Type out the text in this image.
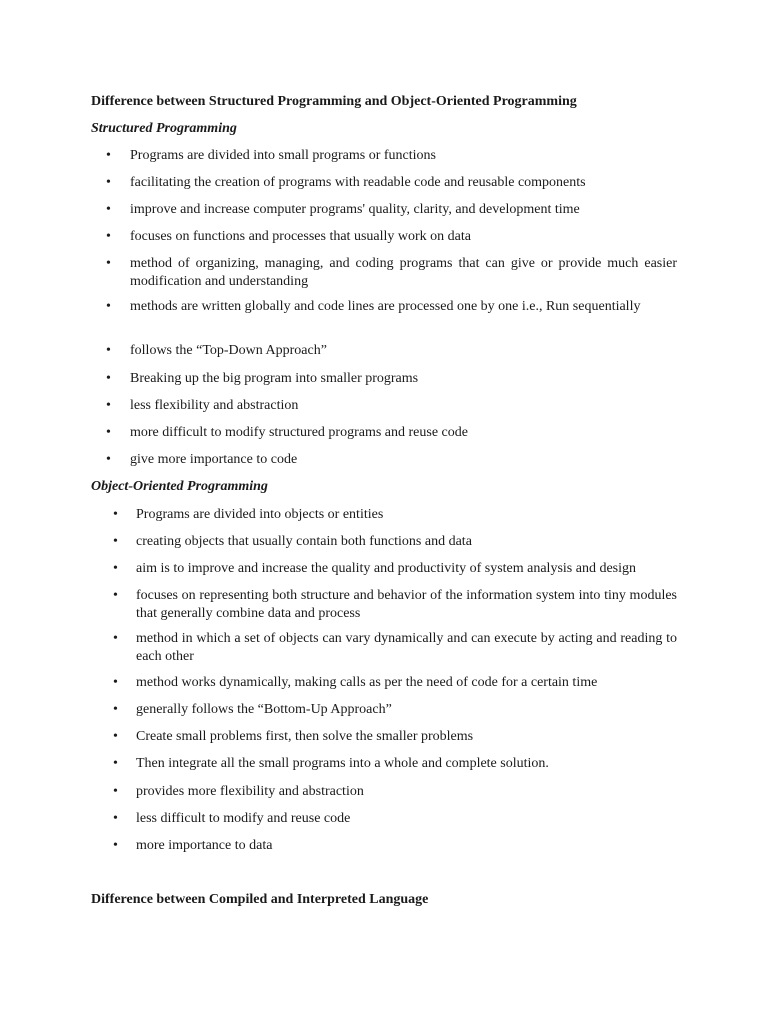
Difference between Structured Programming and Object-Oriented Programming
Structured Programming
• Programs are divided into small programs or functions
• facilitating the creation of programs with readable code and reusable components
• improve and increase computer programs' quality, clarity, and development time
• focuses on functions and processes that usually work on data
• method of organizing, managing, and coding programs that can give or provide much easier modification and understanding
• methods are written globally and code lines are processed one by one i.e., Run sequentially
• follows the “Top-Down Approach”
• Breaking up the big program into smaller programs
• less flexibility and abstraction
• more difficult to modify structured programs and reuse code
• give more importance to code
Object-Oriented Programming
• Programs are divided into objects or entities
• creating objects that usually contain both functions and data
• aim is to improve and increase the quality and productivity of system analysis and design
• focuses on representing both structure and behavior of the information system into tiny modules that generally combine data and process
• method in which a set of objects can vary dynamically and can execute by acting and reading to each other
• method works dynamically, making calls as per the need of code for a certain time
• generally follows the “Bottom-Up Approach”
• Create small problems first, then solve the smaller problems
• Then integrate all the small programs into a whole and complete solution.
• provides more flexibility and abstraction
• less difficult to modify and reuse code
• more importance to data
Difference between Compiled and Interpreted Language
